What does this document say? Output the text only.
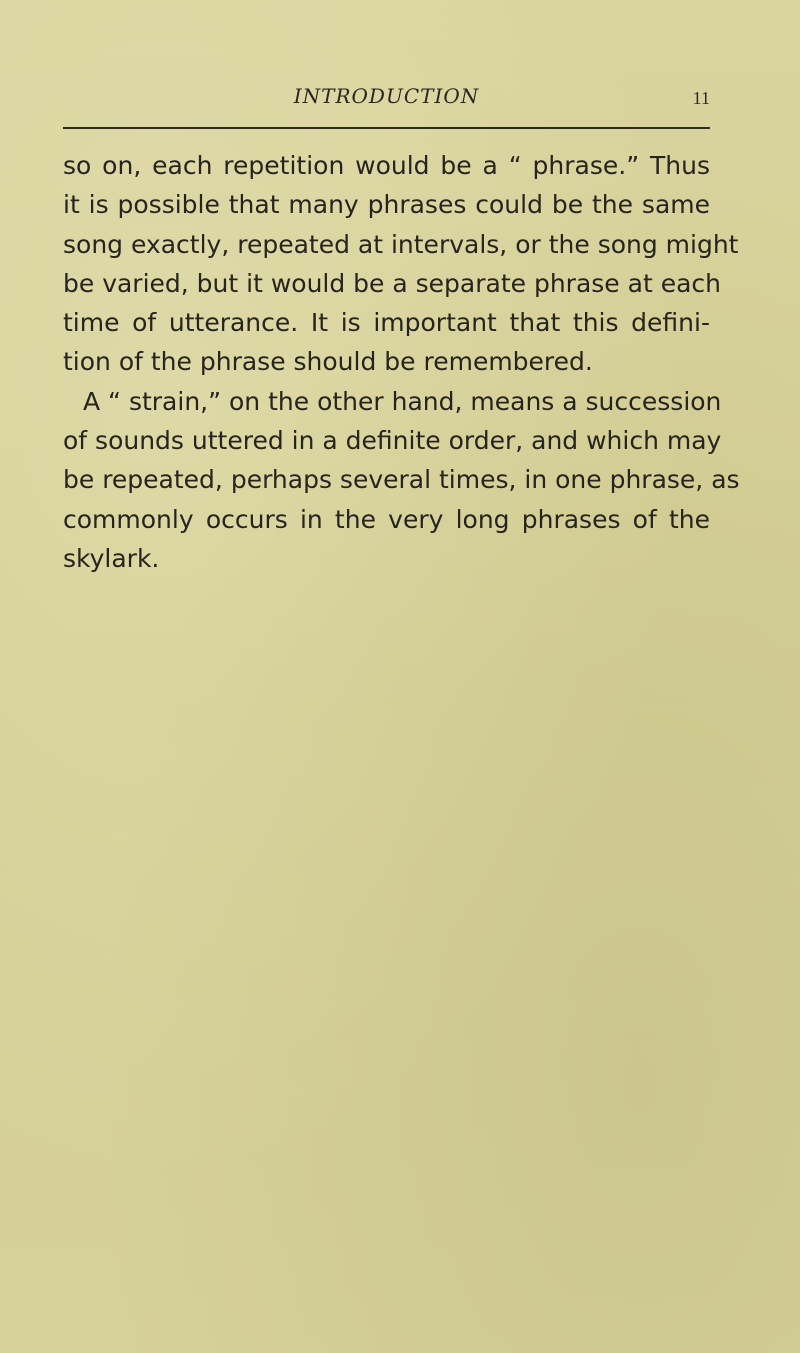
INTRODUCTION	11
so on, each repetition would be a “ phrase.” Thus
it is possible that many phrases could be the same
song exactly, repeated at intervals, or the song might
be varied, but it would be a separate phrase at each
time of utterance. It is important that this defini-
tion of the phrase should be remembered.
A “ strain,” on the other hand, means a succession
of sounds uttered in a definite order, and which may
be repeated, perhaps several times, in one phrase, as
commonly occurs in the very long phrases of the
skylark.
